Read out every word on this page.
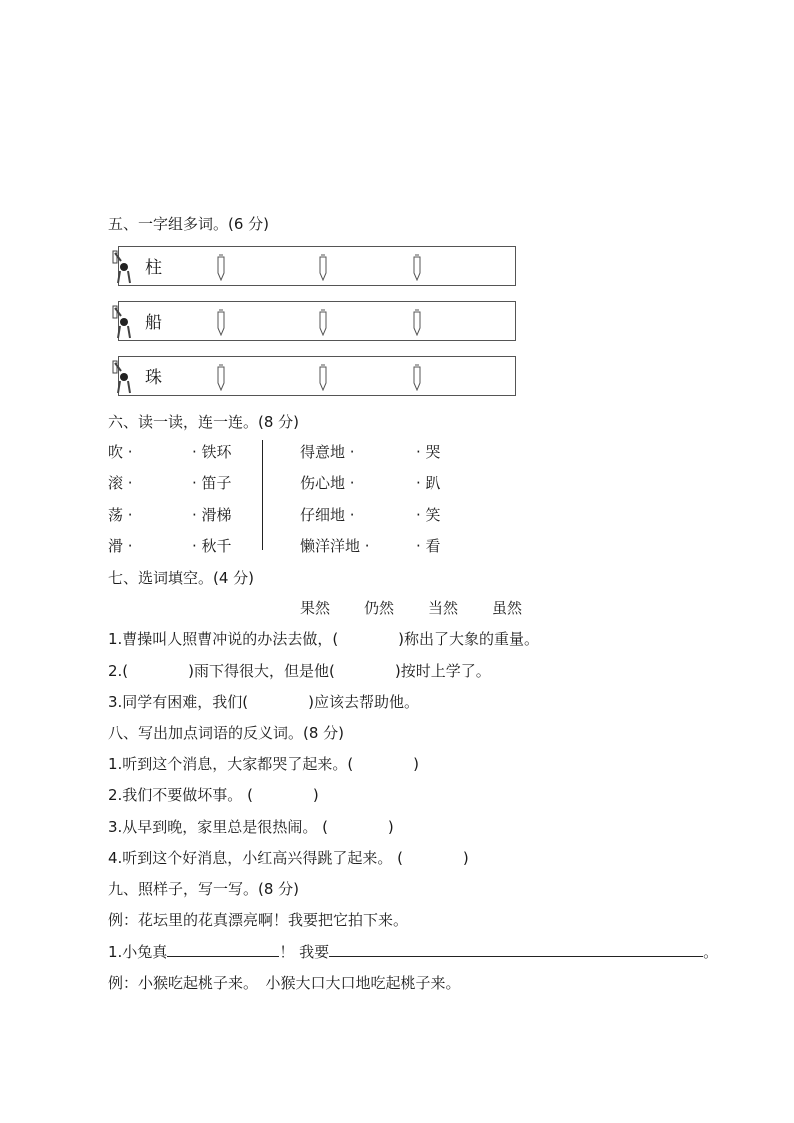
五、一字组多词。(6 分)
柱
船
珠
六、读一读，连一连。(8 分)
吹 ·
滚 ·
荡 ·
滑 ·
· 铁环
· 笛子
· 滑梯
· 秋千
得意地 ·
伤心地 ·
仔细地 ·
懒洋洋地 ·
· 哭
· 趴
· 笑
· 看
七、选词填空。(4 分)
果然 仍然 当然 虽然
1.曹操叫人照曹冲说的办法去做，(　　　　)称出了大象的重量。
2.(　　　　)雨下得很大，但是他(　　　　)按时上学了。
3.同学有困难，我们(　　　　)应该去帮助他。
八、写出加点词语的反义词。(8 分)
1.听到这个消息，大家都哭了起来。(　　　　)
2.我们不要做坏事。 (　　　　)
3.从早到晚，家里总是很热闹。 (　　　　)
4.听到这个好消息，小红高兴得跳了起来。 (　　　　)
九、照样子，写一写。(8 分)
例：花坛里的花真漂亮啊！我要把它拍下来。
1.小兔真	！ 我要	。
例：小猴吃起桃子来。　小猴大口大口地吃起桃子来。
